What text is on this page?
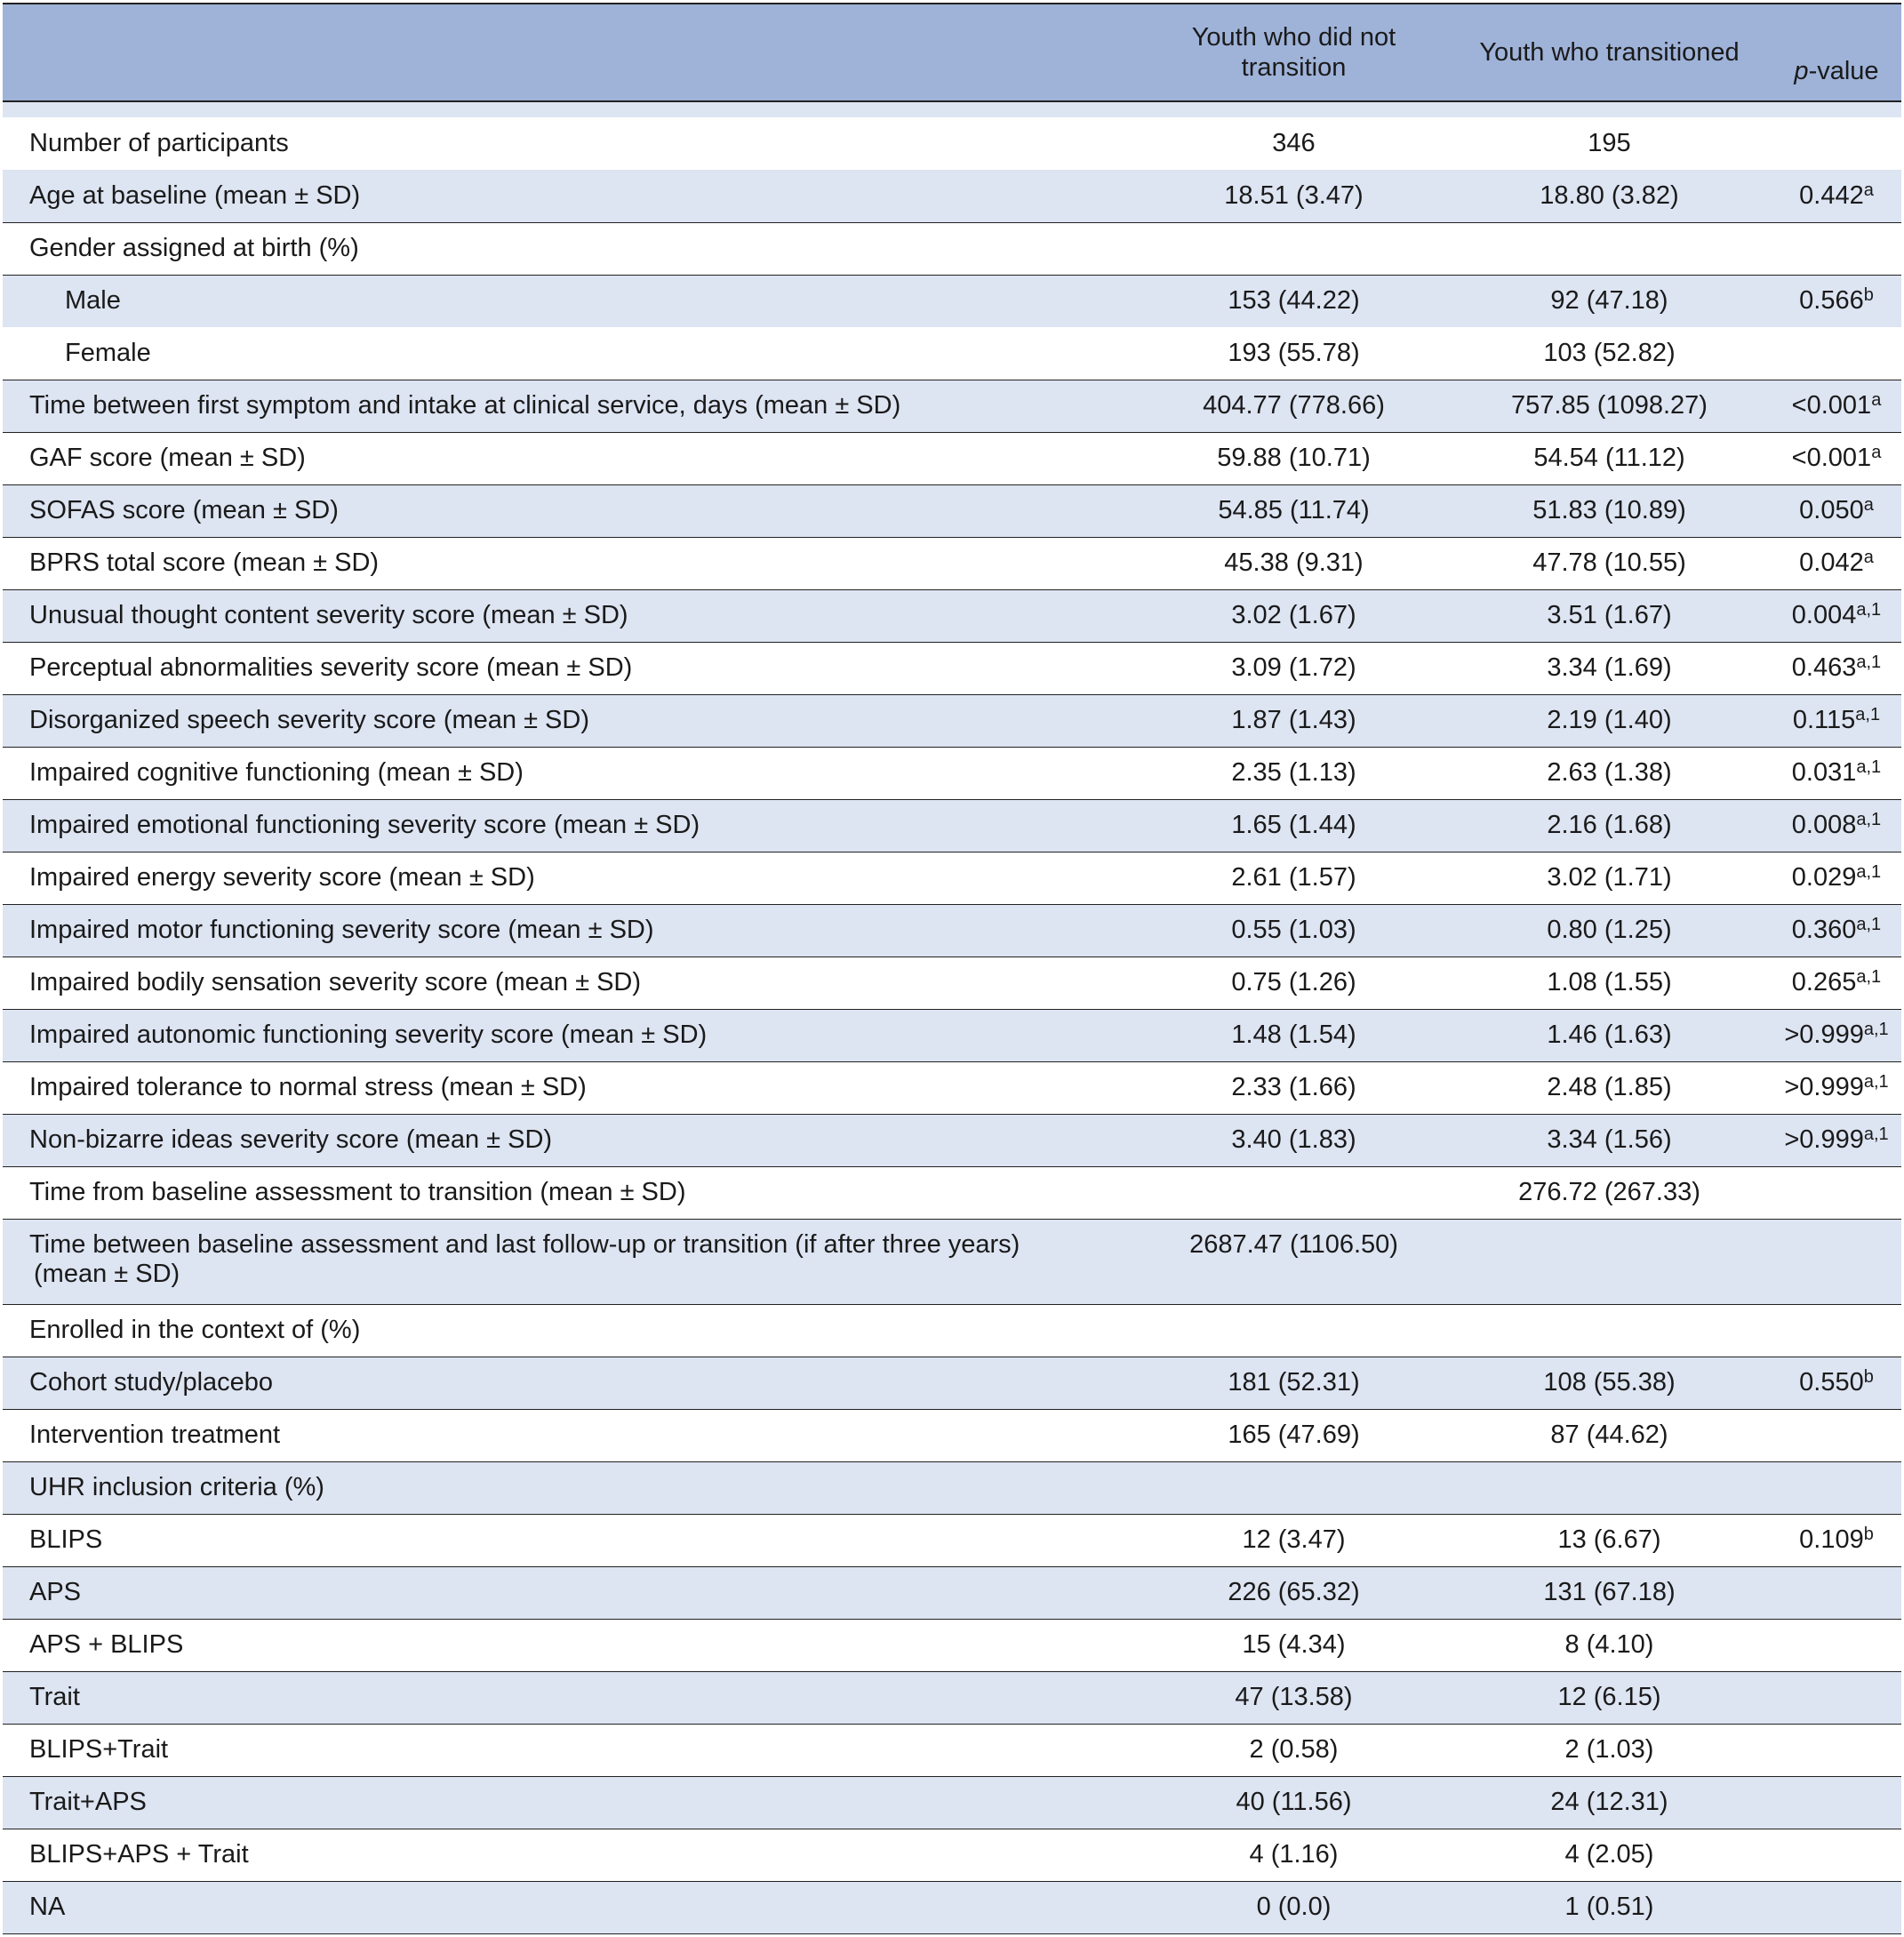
	Youth who did not transition	Youth who transitioned	p-value

Number of participants	346	195	
Age at baseline (mean ± SD)	18.51 (3.47)	18.80 (3.82)	0.442$^a$
Gender assigned at birth (%)			
Male	153 (44.22)	92 (47.18)	0.566$^b$
Female	193 (55.78)	103 (52.82)	
Time between first symptom and intake at clinical service, days (mean ± SD)	404.77 (778.66)	757.85 (1098.27)	<0.001$^a$
GAF score (mean ± SD)	59.88 (10.71)	54.54 (11.12)	<0.001$^a$
SOFAS score (mean ± SD)	54.85 (11.74)	51.83 (10.89)	0.050$^a$
BPRS total score (mean ± SD)	45.38 (9.31)	47.78 (10.55)	0.042$^a$
Unusual thought content severity score (mean ± SD)	3.02 (1.67)	3.51 (1.67)	0.004$^{a,1}$
Perceptual abnormalities severity score (mean ± SD)	3.09 (1.72)	3.34 (1.69)	0.463$^{a,1}$
Disorganized speech severity score (mean ± SD)	1.87 (1.43)	2.19 (1.40)	0.115$^{a,1}$
Impaired cognitive functioning (mean ± SD)	2.35 (1.13)	2.63 (1.38)	0.031$^{a,1}$
Impaired emotional functioning severity score (mean ± SD)	1.65 (1.44)	2.16 (1.68)	0.008$^{a,1}$
Impaired energy severity score (mean ± SD)	2.61 (1.57)	3.02 (1.71)	0.029$^{a,1}$
Impaired motor functioning severity score (mean ± SD)	0.55 (1.03)	0.80 (1.25)	0.360$^{a,1}$
Impaired bodily sensation severity score (mean ± SD)	0.75 (1.26)	1.08 (1.55)	0.265$^{a,1}$
Impaired autonomic functioning severity score (mean ± SD)	1.48 (1.54)	1.46 (1.63)	$>0.999^{a,1}$
Impaired tolerance to normal stress (mean ± SD)	2.33 (1.66)	2.48 (1.85)	$>0.999^{a,1}$
Non-bizarre ideas severity score (mean ± SD)	3.40 (1.83)	3.34 (1.56)	$>0.999^{a,1}$
Time from baseline assessment to transition (mean ± SD)		276.72 (267.33)	
Time between baseline assessment and last follow-up or transition (if after three years)
(mean ± SD)	2687.47 (1106.50)		
Enrolled in the context of (%)			
Cohort study/placebo	181 (52.31)	108 (55.38)	0.550$^b$
Intervention treatment	165 (47.69)	87 (44.62)	
UHR inclusion criteria (%)			
BLIPS	12 (3.47)	13 (6.67)	0.109$^b$
APS	226 (65.32)	131 (67.18)	
APS + BLIPS	15 (4.34)	8 (4.10)	
Trait	47 (13.58)	12 (6.15)	
BLIPS+Trait	2 (0.58)	2 (1.03)	
Trait+APS	40 (11.56)	24 (12.31)	
BLIPS+APS + Trait	4 (1.16)	4 (2.05)	
NA	0 (0.0)	1 (0.51)	
